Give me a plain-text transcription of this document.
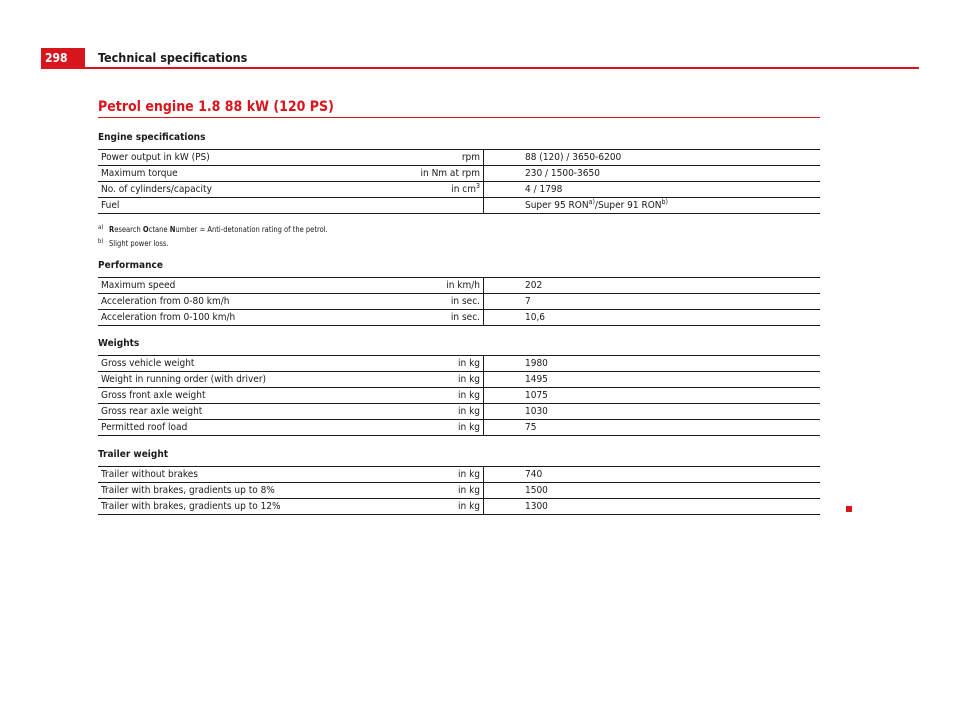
298	Technical specifications
Petrol engine 1.8 88 kW (120 PS)
Engine specifications
Power output in kW (PS)	rpm	88 (120) / 3650-6200
Maximum torque	in Nm at rpm	230 / 1500-3650
No. of cylinders/capacity	in $cm^3$	4 / 1798
Fuel		Super 95 RON$^{a)}$/Super 91 RON$^{b)}$
a) Research Octane Number = Anti-detonation rating of the petrol.
b) Slight power loss.
Performance
Maximum speed	in km/h	202
Acceleration from 0-80 km/h	in sec.	7
Acceleration from 0-100 km/h	in sec.	10,6
Weights
Gross vehicle weight	in kg	1980
Weight in running order (with driver)	in kg	1495
Gross front axle weight	in kg	1075
Gross rear axle weight	in kg	1030
Permitted roof load	in kg	75
Trailer weight
Trailer without brakes	in kg	740
Trailer with brakes, gradients up to 8%	in kg	1500
Trailer with brakes, gradients up to 12%	in kg	1300
